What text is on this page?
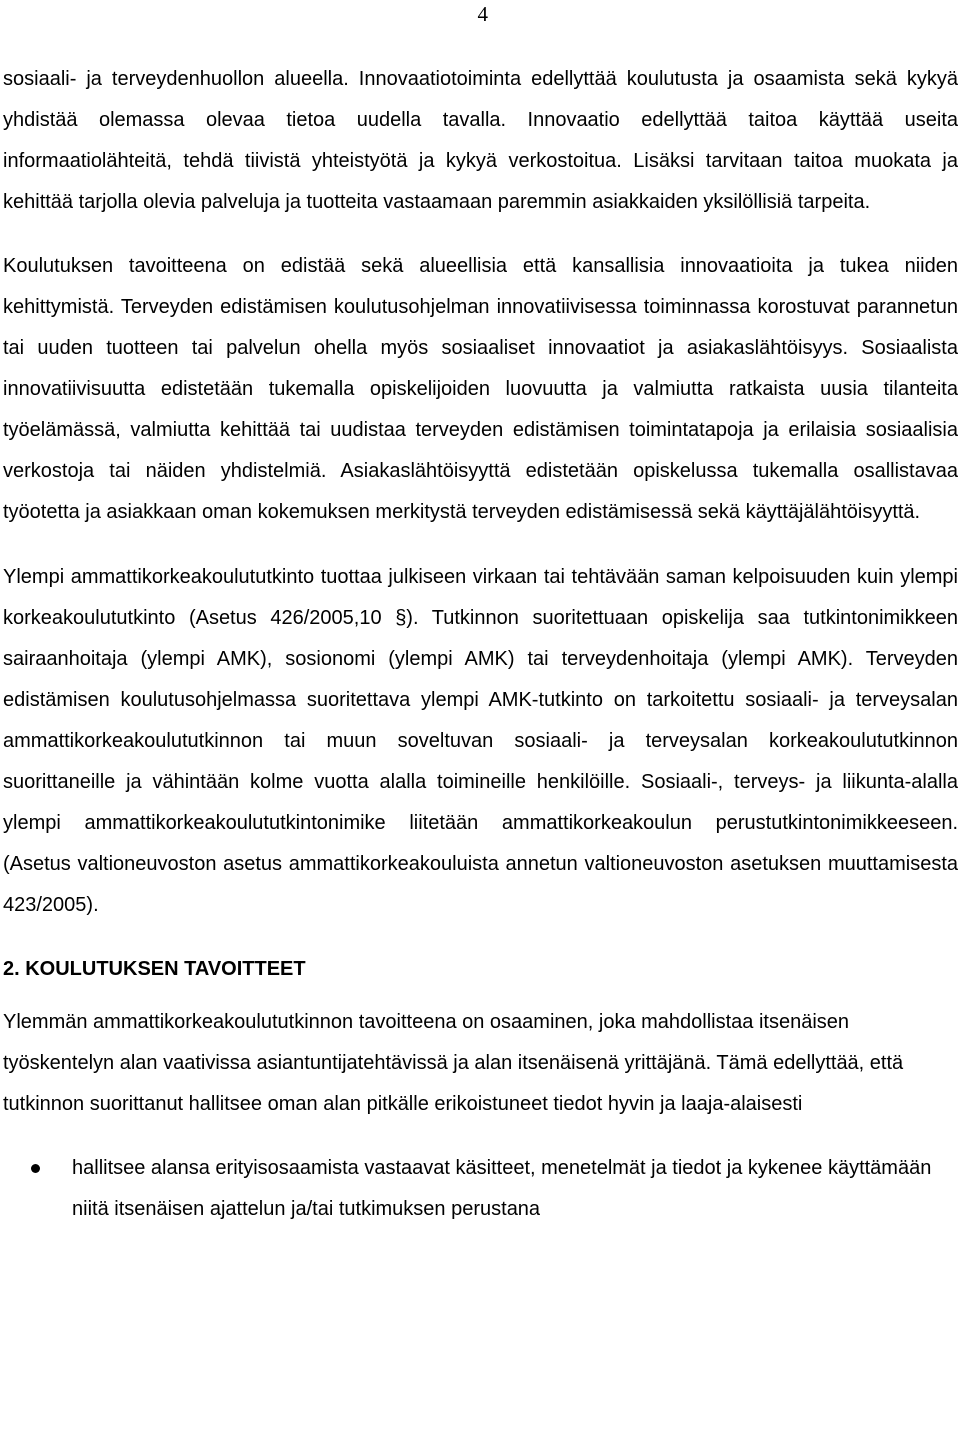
4

sosiaali- ja terveydenhuollon alueella. Innovaatiotoiminta edellyttää koulutusta ja osaamista sekä kykyä yhdistää olemassa olevaa tietoa uudella tavalla. Innovaatio edellyttää taitoa käyttää useita informaatiolähteitä, tehdä tiivistä yhteistyötä ja kykyä verkostoitua. Lisäksi tarvitaan taitoa muokata ja kehittää tarjolla olevia palveluja ja tuotteita vastaamaan paremmin asiakkaiden yksilöllisiä tarpeita.

Koulutuksen tavoitteena on edistää sekä alueellisia että kansallisia innovaatioita ja tukea niiden kehittymistä. Terveyden edistämisen koulutusohjelman innovatiivisessa toiminnassa korostuvat parannetun tai uuden tuotteen tai palvelun ohella myös sosiaaliset innovaatiot ja asiakaslähtöisyys. Sosiaalista innovatiivisuutta edistetään tukemalla opiskelijoiden luovuutta ja valmiutta ratkaista uusia tilanteita työelämässä, valmiutta kehittää tai uudistaa terveyden edistämisen toimintatapoja ja erilaisia sosiaalisia verkostoja tai näiden yhdistelmiä. Asiakaslähtöisyyttä edistetään opiskelussa tukemalla osallistavaa työotetta ja asiakkaan oman kokemuksen merkitystä terveyden edistämisessä sekä käyttäjälähtöisyyttä.

Ylempi ammattikorkeakoulututkinto tuottaa julkiseen virkaan tai tehtävään saman kelpoisuuden kuin ylempi korkeakoulututkinto (Asetus 426/2005,10 §). Tutkinnon suoritettuaan opiskelija saa tutkintonimikkeen sairaanhoitaja (ylempi AMK), sosionomi (ylempi AMK) tai terveydenhoitaja (ylempi AMK). Terveyden edistämisen koulutusohjelmassa suoritettava ylempi AMK-tutkinto on tarkoitettu sosiaali- ja terveysalan ammattikorkeakoulututkinnon tai muun soveltuvan sosiaali- ja terveysalan korkeakoulututkinnon suorittaneille ja vähintään kolme vuotta alalla toimineille henkilöille. Sosiaali-, terveys- ja liikunta-alalla ylempi ammattikorkeakoulututkintonimike liitetään ammattikorkeakoulun perustutkintonimikkeeseen. (Asetus valtioneuvoston asetus ammattikorkeakouluista annetun valtioneuvoston asetuksen muuttamisesta 423/2005).

2. KOULUTUKSEN TAVOITTEET

Ylemmän ammattikorkeakoulututkinnon tavoitteena on osaaminen, joka mahdollistaa itsenäisen työskentelyn alan vaativissa asiantuntijatehtävissä ja alan itsenäisenä yrittäjänä. Tämä edellyttää, että tutkinnon suorittanut hallitsee oman alan pitkälle erikoistuneet tiedot hyvin ja laaja-alaisesti

hallitsee alansa erityisosaamista vastaavat käsitteet, menetelmät ja tiedot ja kykenee käyttämään niitä itsenäisen ajattelun ja/tai tutkimuksen perustana
